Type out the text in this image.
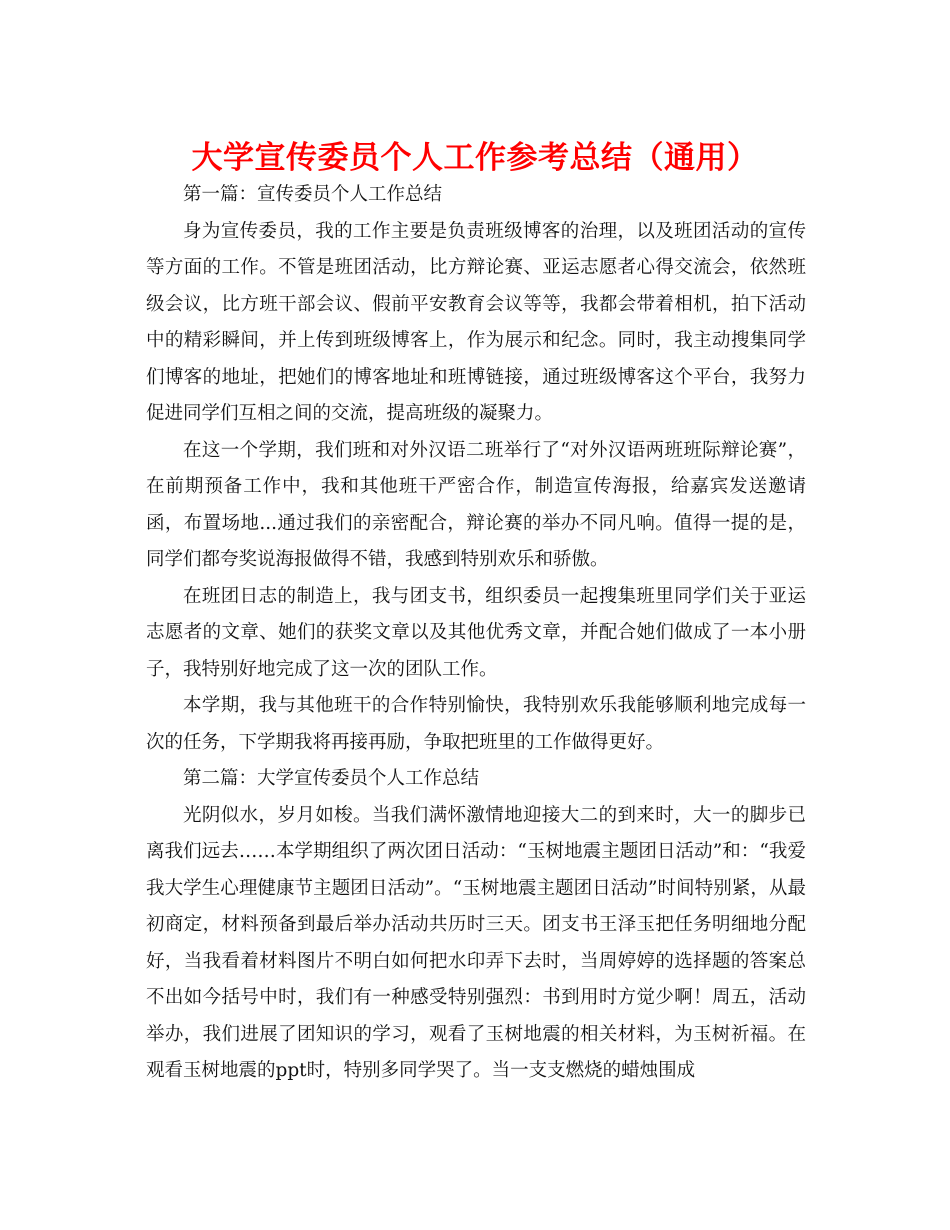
大学宣传委员个人工作参考总结（通用）

第一篇：宣传委员个人工作总结

身为宣传委员，我的工作主要是负责班级博客的治理，以及班团活动的宣传等方面的工作。不管是班团活动，比方辩论赛、亚运志愿者心得交流会，依然班级会议，比方班干部会议、假前平安教育会议等等，我都会带着相机，拍下活动中的精彩瞬间，并上传到班级博客上，作为展示和纪念。同时，我主动搜集同学们博客的地址，把她们的博客地址和班博链接，通过班级博客这个平台，我努力促进同学们互相之间的交流，提高班级的凝聚力。

在这一个学期，我们班和对外汉语二班举行了“对外汉语两班班际辩论赛”，在前期预备工作中，我和其他班干严密合作，制造宣传海报，给嘉宾发送邀请函，布置场地...通过我们的亲密配合，辩论赛的举办不同凡响。值得一提的是，同学们都夸奖说海报做得不错，我感到特别欢乐和骄傲。

在班团日志的制造上，我与团支书，组织委员一起搜集班里同学们关于亚运志愿者的文章、她们的获奖文章以及其他优秀文章，并配合她们做成了一本小册子，我特别好地完成了这一次的团队工作。

本学期，我与其他班干的合作特别愉快，我特别欢乐我能够顺利地完成每一次的任务，下学期我将再接再励，争取把班里的工作做得更好。

第二篇：大学宣传委员个人工作总结

光阴似水，岁月如梭。当我们满怀激情地迎接大二的到来时，大一的脚步已离我们远去……本学期组织了两次团日活动：“玉树地震主题团日活动”和：“我爱我大学生心理健康节主题团日活动”。“玉树地震主题团日活动”时间特别紧，从最初商定，材料预备到最后举办活动共历时三天。团支书王泽玉把任务明细地分配好，当我看着材料图片不明白如何把水印弄下去时，当周婷婷的选择题的答案总不出如今括号中时，我们有一种感受特别强烈：书到用时方觉少啊！周五，活动举办，我们进展了团知识的学习，观看了玉树地震的相关材料，为玉树祈福。在观看玉树地震的ppt时，特别多同学哭了。当一支支燃烧的蜡烛围成
